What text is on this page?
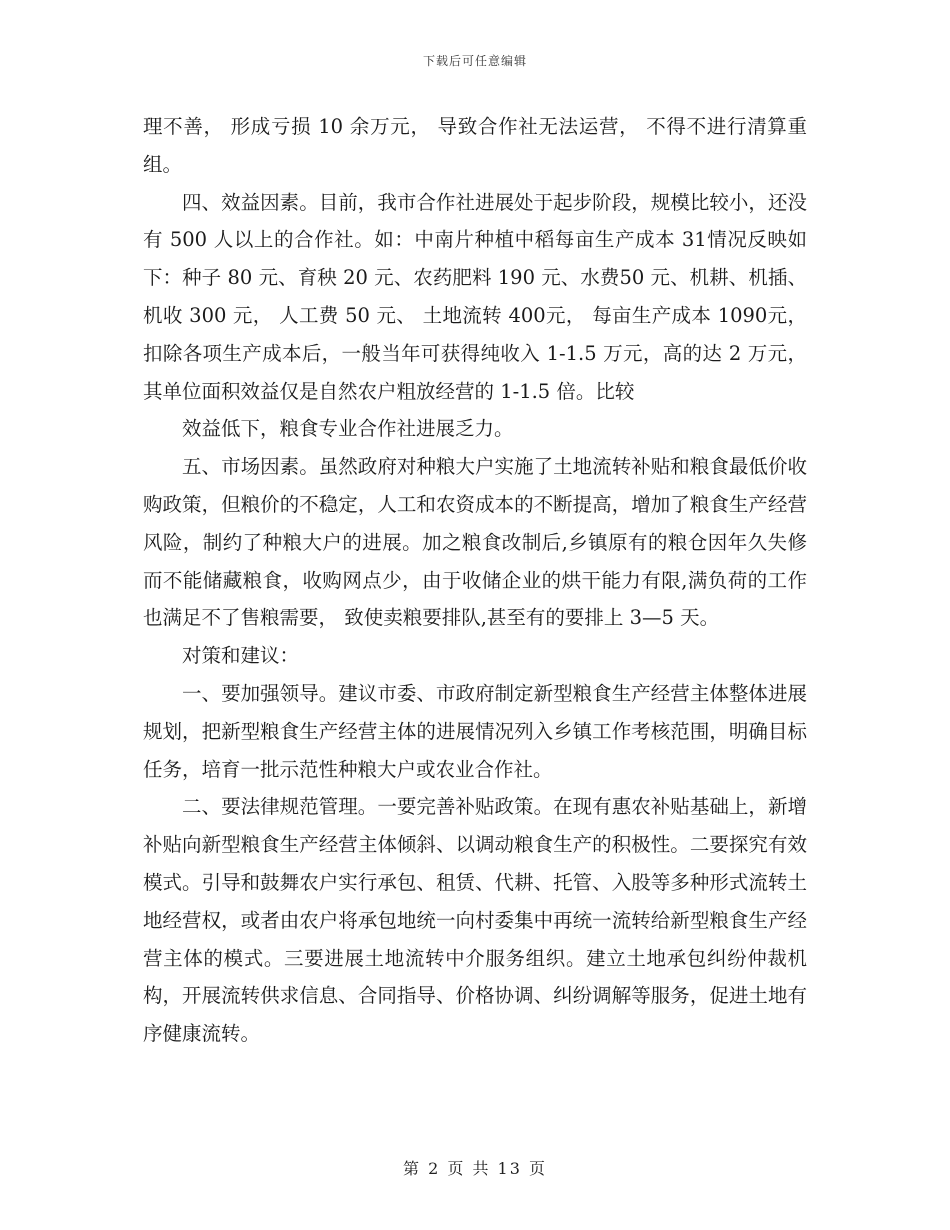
下载后可任意编辑

理不善， 形成亏损 10 余万元， 导致合作社无法运营， 不得不进行清算重组。

四、效益因素。目前，我市合作社进展处于起步阶段，规模比较小，还没有 500 人以上的合作社。如：中南片种植中稻每亩生产成本 31情况反映如下：种子 80 元、育秧 20 元、农药肥料 190 元、水费50 元、机耕、机插、 机收 300 元， 人工费 50 元、 土地流转 400元， 每亩生产成本 1090元，扣除各项生产成本后，一般当年可获得纯收入 1-1.5 万元，高的达 2 万元，其单位面积效益仅是自然农户粗放经营的 1-1.5 倍。比较

效益低下，粮食专业合作社进展乏力。

五、市场因素。虽然政府对种粮大户实施了土地流转补贴和粮食最低价收购政策，但粮价的不稳定，人工和农资成本的不断提高，增加了粮食生产经营风险，制约了种粮大户的进展。加之粮食改制后,乡镇原有的粮仓因年久失修而不能储藏粮食，收购网点少，由于收储企业的烘干能力有限,满负荷的工作也满足不了售粮需要， 致使卖粮要排队,甚至有的要排上 3—5 天。

对策和建议：

一、要加强领导。建议市委、市政府制定新型粮食生产经营主体整体进展规划，把新型粮食生产经营主体的进展情况列入乡镇工作考核范围，明确目标任务，培育一批示范性种粮大户或农业合作社。

二、要法律规范管理。一要完善补贴政策。在现有惠农补贴基础上，新增补贴向新型粮食生产经营主体倾斜、以调动粮食生产的积极性。二要探究有效模式。引导和鼓舞农户实行承包、租赁、代耕、托管、入股等多种形式流转土地经营权，或者由农户将承包地统一向村委集中再统一流转给新型粮食生产经营主体的模式。三要进展土地流转中介服务组织。建立土地承包纠纷仲裁机构，开展流转供求信息、合同指导、价格协调、纠纷调解等服务，促进土地有序健康流转。

第 2 页 共 13 页
